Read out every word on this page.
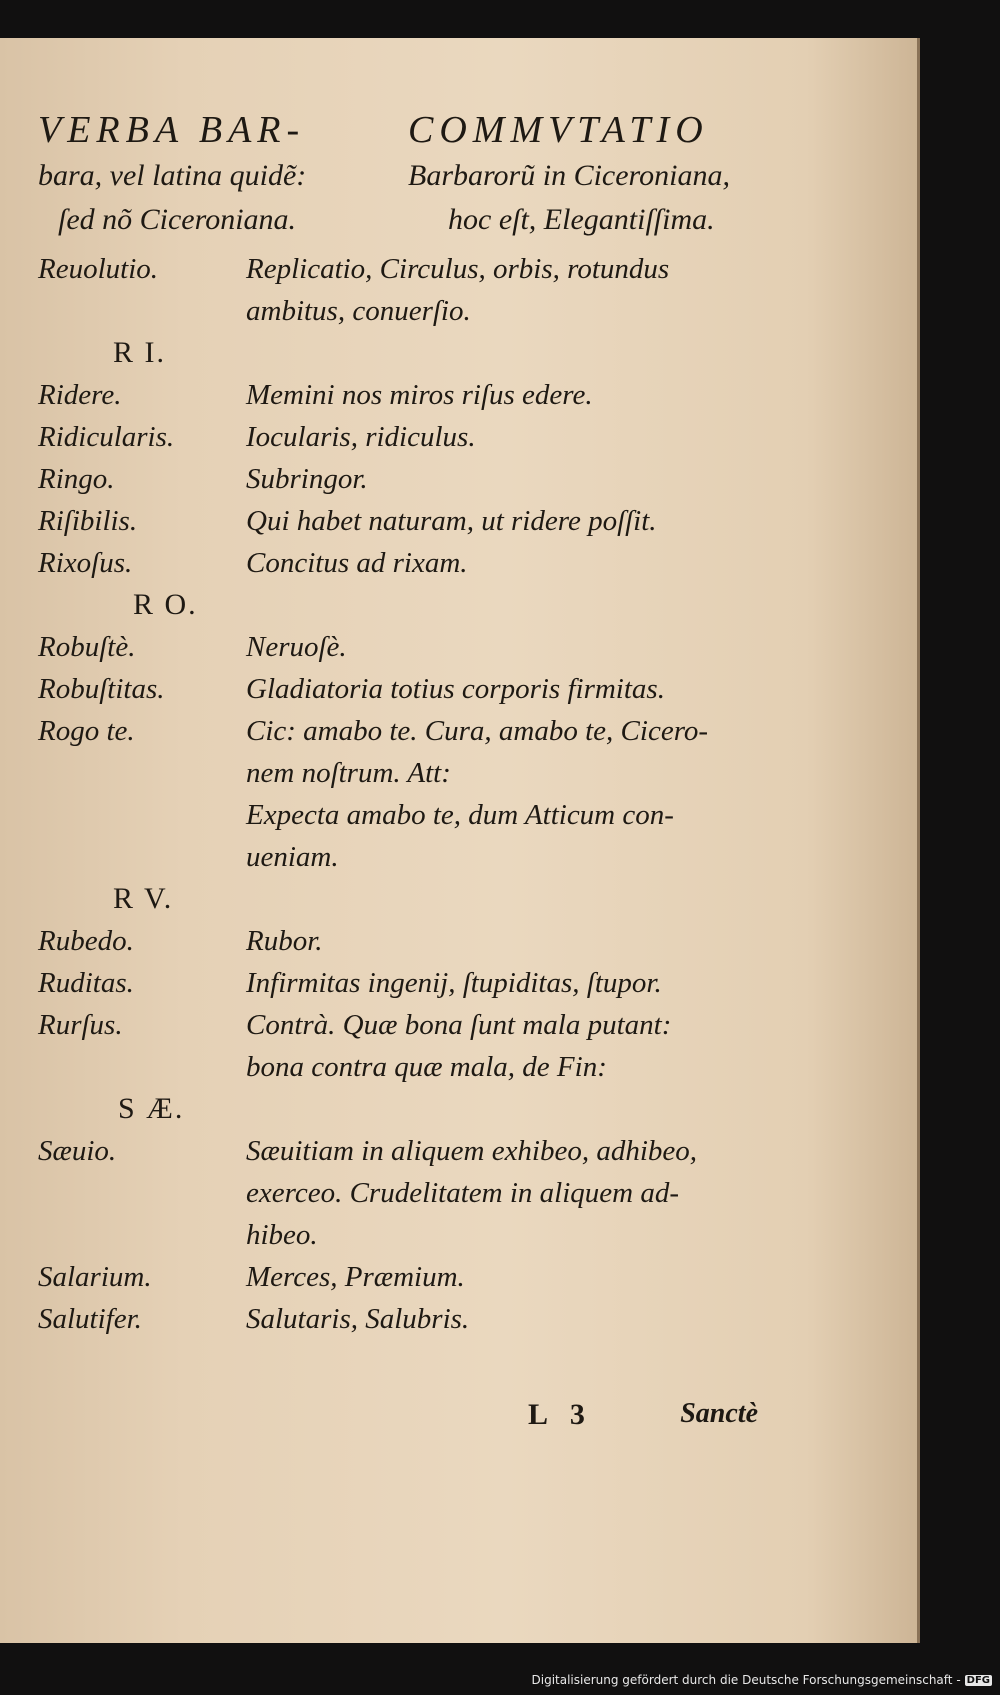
VERBA BAR-
bara, vel latina quidẽ:
ſed nõ Ciceroniana.
COMMVTATIO
Barbarorũ in Ciceroniana,
hoc eſt, Elegantiſſima.
Reuolutio.	Replicatio, Circulus, orbis, rotundus
ambitus, conuerſio.
R I.
Ridere.	Memini nos miros riſus edere.
Ridicularis.	Iocularis, ridiculus.
Ringo.	Subringor.
Riſibilis.	Qui habet naturam, ut ridere poſſit.
Rixoſus.	Concitus ad rixam.
R O.
Robuſtè.	Neruoſè.
Robuſtitas.	Gladiatoria totius corporis firmitas.
Rogo te.	Cic: amabo te. Cura, amabo te, Cicero-
nem noſtrum. Att:
Expecta amabo te, dum Atticum con-
ueniam.
R V.
Rubedo.	Rubor.
Ruditas.	Infirmitas ingenij, ſtupiditas, ſtupor.
Rurſus.	Contrà. Quæ bona ſunt mala putant:
bona contra quæ mala, de Fin:
S Æ.
Sæuio.	Sæuitiam in aliquem exhibeo, adhibeo,
exerceo. Crudelitatem in aliquem ad-
hibeo.
Salarium.	Merces, Præmium.
Salutifer.	Salutaris, Salubris.
L 3	Sanctè
Digitalisierung gefördert durch die Deutsche Forschungsgemeinschaft - DFG
